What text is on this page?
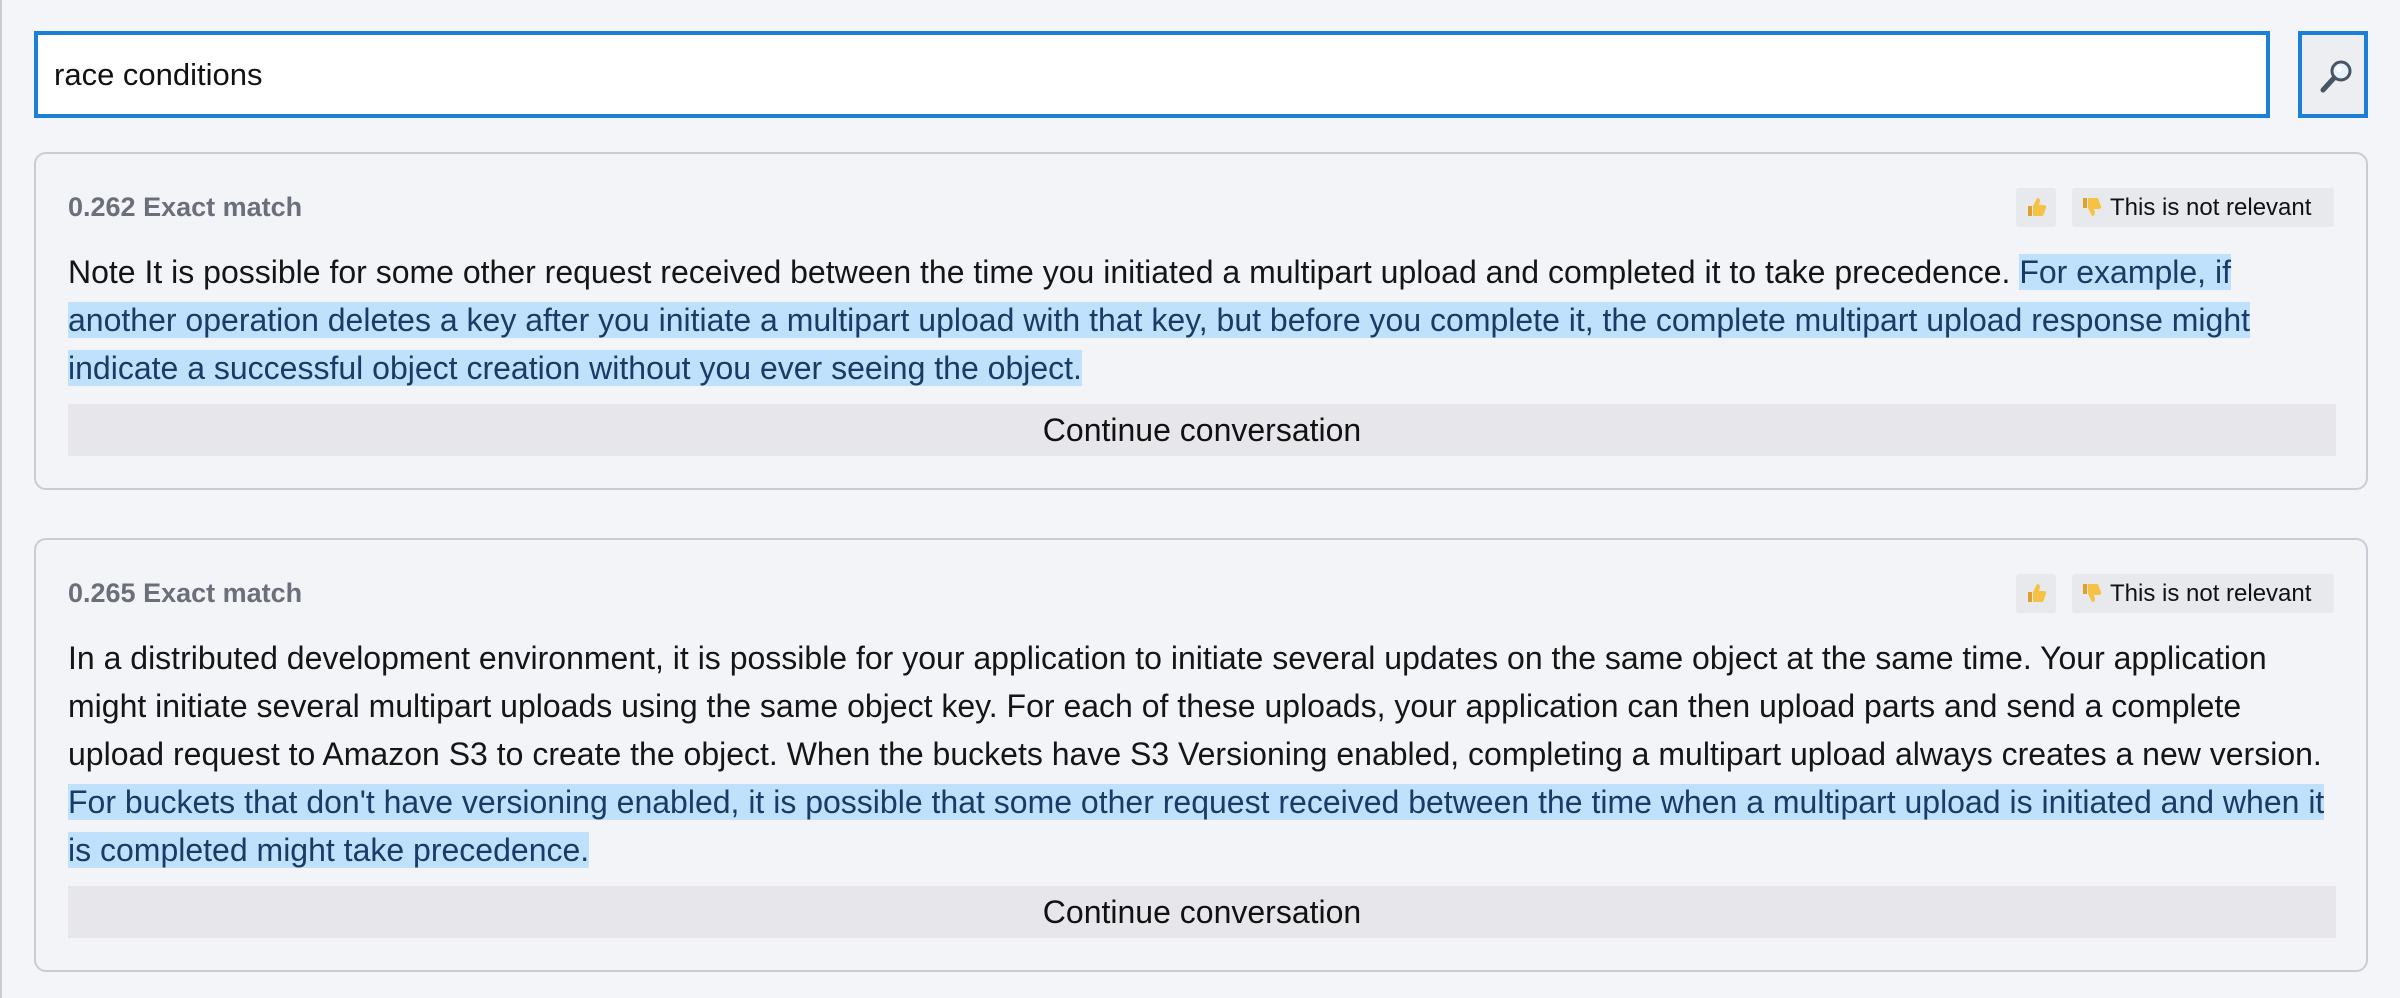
race conditions
0.262 Exact match	This is not relevant

Note It is possible for some other request received between the time you initiated a multipart upload and completed it to take precedence. For example, if another operation deletes a key after you initiate a multipart upload with that key, but before you complete it, the complete multipart upload response might indicate a successful object creation without you ever seeing the object.

Continue conversation
0.265 Exact match	This is not relevant

In a distributed development environment, it is possible for your application to initiate several updates on the same object at the same time. Your application might initiate several multipart uploads using the same object key. For each of these uploads, your application can then upload parts and send a complete upload request to Amazon S3 to create the object. When the buckets have S3 Versioning enabled, completing a multipart upload always creates a new version. For buckets that don't have versioning enabled, it is possible that some other request received between the time when a multipart upload is initiated and when it is completed might take precedence.

Continue conversation
